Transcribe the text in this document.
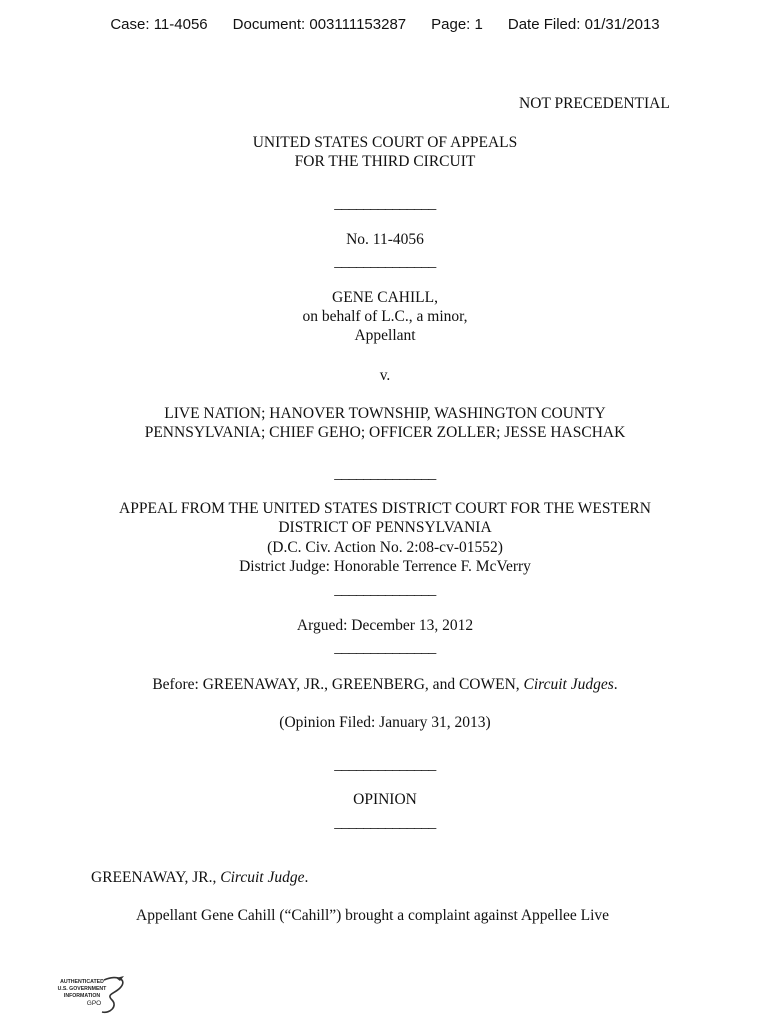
Case: 11-4056 Document: 003111153287 Page: 1 Date Filed: 01/31/2013
NOT PRECEDENTIAL
UNITED STATES COURT OF APPEALS
FOR THE THIRD CIRCUIT
______________
No. 11-4056
______________
GENE CAHILL,
on behalf of L.C., a minor,
Appellant
v.
LIVE NATION; HANOVER TOWNSHIP, WASHINGTON COUNTY
PENNSYLVANIA; CHIEF GEHO; OFFICER ZOLLER; JESSE HASCHAK
______________
APPEAL FROM THE UNITED STATES DISTRICT COURT FOR THE WESTERN
DISTRICT OF PENNSYLVANIA
(D.C. Civ. Action No. 2:08-cv-01552)
District Judge: Honorable Terrence F. McVerry
______________
Argued: December 13, 2012
______________
Before: GREENAWAY, JR., GREENBERG, and COWEN, Circuit Judges.
(Opinion Filed: January 31, 2013)
______________
OPINION
______________
GREENAWAY, JR., Circuit Judge.
Appellant Gene Cahill (“Cahill”) brought a complaint against Appellee Live
AUTHENTICATED
U.S. GOVERNMENT
INFORMATION
GPO
